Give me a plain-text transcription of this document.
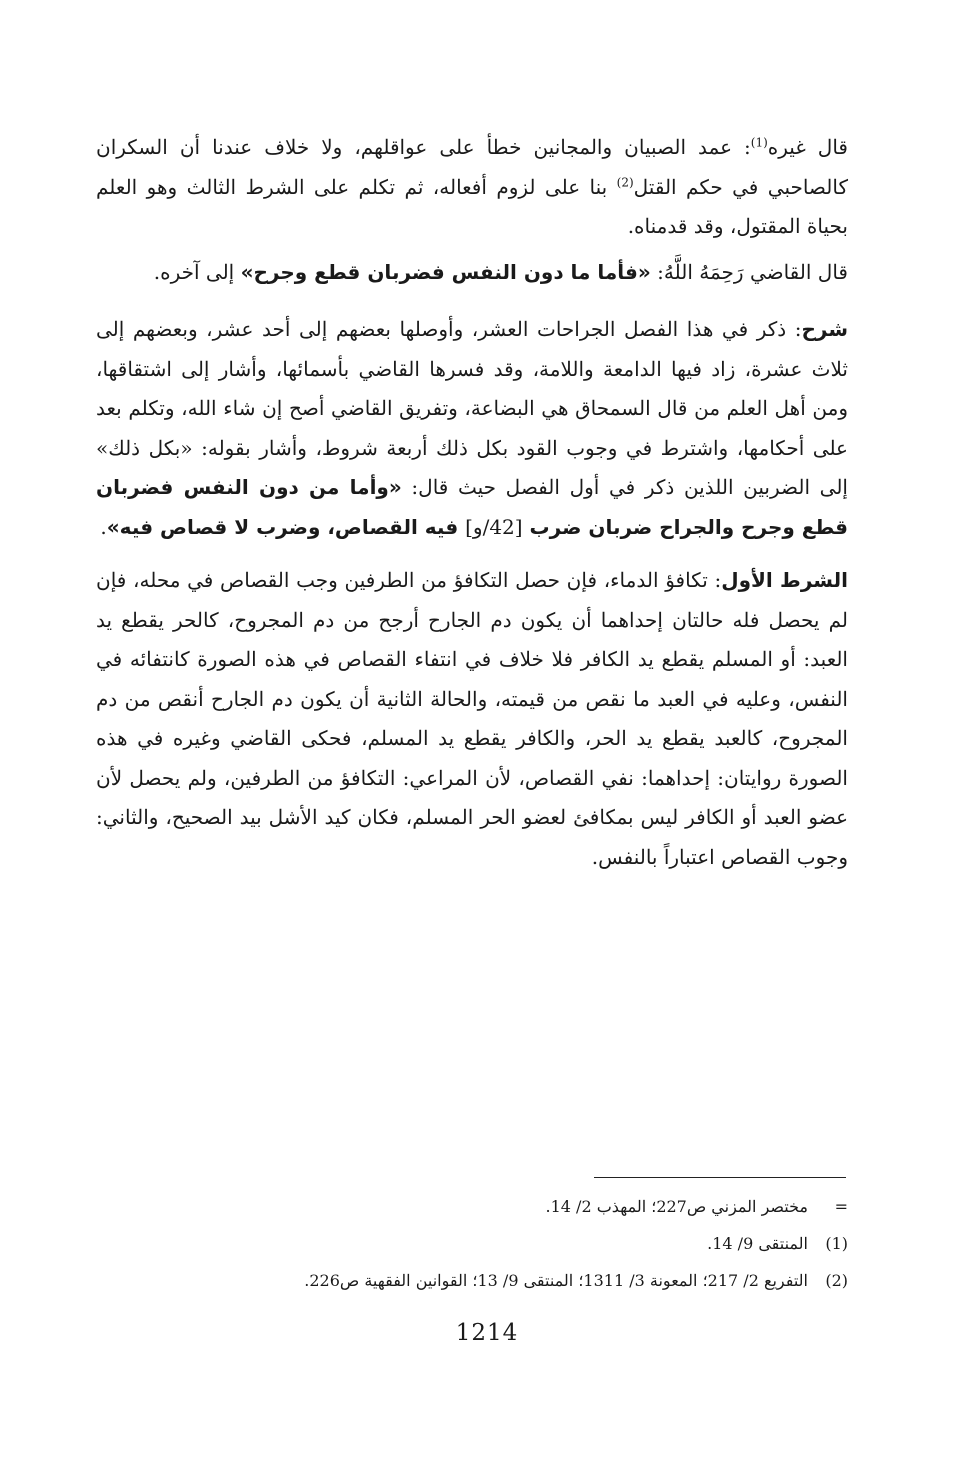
قال غيره$^{(1)}$: عمد الصبيان والمجانين خطأ على عواقلهم، ولا خلاف عندنا أن السكران كالصاحبي في حكم القتل$^{(2)}$ بنا على لزوم أفعاله، ثم تكلم على الشرط الثالث وهو العلم بحياة المقتول، وقد قدمناه.

قال القاضي رَحِمَهُ اللَّهُ: «فأما ما دون النفس فضربان قطع وجرح» إلى آخره.

شرح: ذكر في هذا الفصل الجراحات العشر، وأوصلها بعضهم إلى أحد عشر، وبعضهم إلى ثلاث عشرة، زاد فيها الدامعة واللامة، وقد فسرها القاضي بأسمائها، وأشار إلى اشتقاقها، ومن أهل العلم من قال السمحاق هي البضاعة، وتفريق القاضي أصح إن شاء الله، وتكلم بعد على أحكامها، واشترط في وجوب القود بكل ذلك أربعة شروط، وأشار بقوله: «بكل ذلك» إلى الضربين اللذين ذكر في أول الفصل حيث قال: «وأما من دون النفس فضربان قطع وجرح والجراح ضربان ضرب [42/و] فيه القصاص، وضرب لا قصاص فيه».

الشرط الأول: تكافؤ الدماء، فإن حصل التكافؤ من الطرفين وجب القصاص في محله، فإن لم يحصل فله حالتان إحداهما أن يكون دم الجارح أرجح من دم المجروح، كالحر يقطع يد العبد: أو المسلم يقطع يد الكافر فلا خلاف في انتفاء القصاص في هذه الصورة كانتفائه في النفس، وعليه في العبد ما نقص من قيمته، والحالة الثانية أن يكون دم الجارح أنقص من دم المجروح، كالعبد يقطع يد الحر، والكافر يقطع يد المسلم، فحكى القاضي وغيره في هذه الصورة روايتان: إحداهما: نفي القصاص، لأن المراعي: التكافؤ من الطرفين، ولم يحصل لأن عضو العبد أو الكافر ليس بمكافئ لعضو الحر المسلم، فكان كيد الأشل بيد الصحيح، والثاني: وجوب القصاص اعتباراً بالنفس.

=مختصر المزني ص227؛ المهذب 2/ 14.
(1)المنتقى 9/ 14.
(2)التفريع 2/ 217؛ المعونة 3/ 1311؛ المنتقى 9/ 13؛ القوانين الفقهية ص226.
1214
